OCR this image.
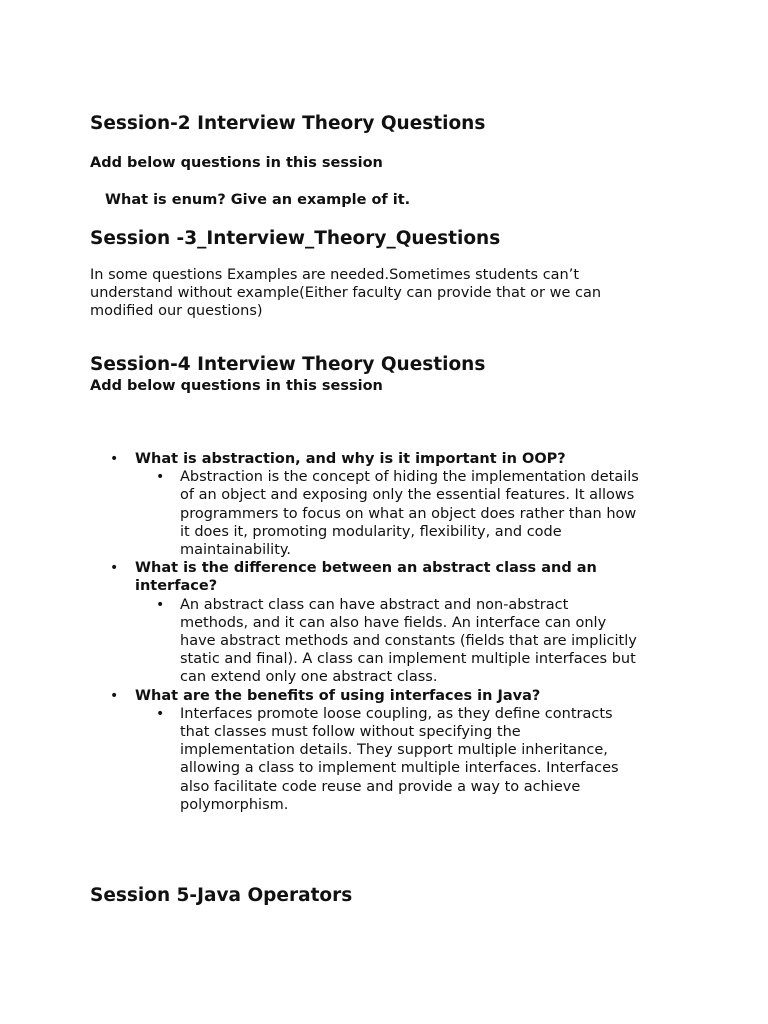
Session-2 Interview Theory Questions
Add below questions in this session
What is enum? Give an example of it.
Session -3_Interview_Theory_Questions
In some questions Examples are needed.Sometimes students can’t understand without example(Either faculty can provide that or we can modified our questions)
Session-4 Interview Theory Questions
Add below questions in this session
• What is abstraction, and why is it important in OOP?
• Abstraction is the concept of hiding the implementation details of an object and exposing only the essential features. It allows programmers to focus on what an object does rather than how it does it, promoting modularity, flexibility, and code maintainability.
• What is the difference between an abstract class and an interface?
• An abstract class can have abstract and non-abstract methods, and it can also have fields. An interface can only have abstract methods and constants (fields that are implicitly static and final). A class can implement multiple interfaces but can extend only one abstract class.
• What are the benefits of using interfaces in Java?
• Interfaces promote loose coupling, as they define contracts that classes must follow without specifying the implementation details. They support multiple inheritance, allowing a class to implement multiple interfaces. Interfaces also facilitate code reuse and provide a way to achieve polymorphism.
Session 5-Java Operators
